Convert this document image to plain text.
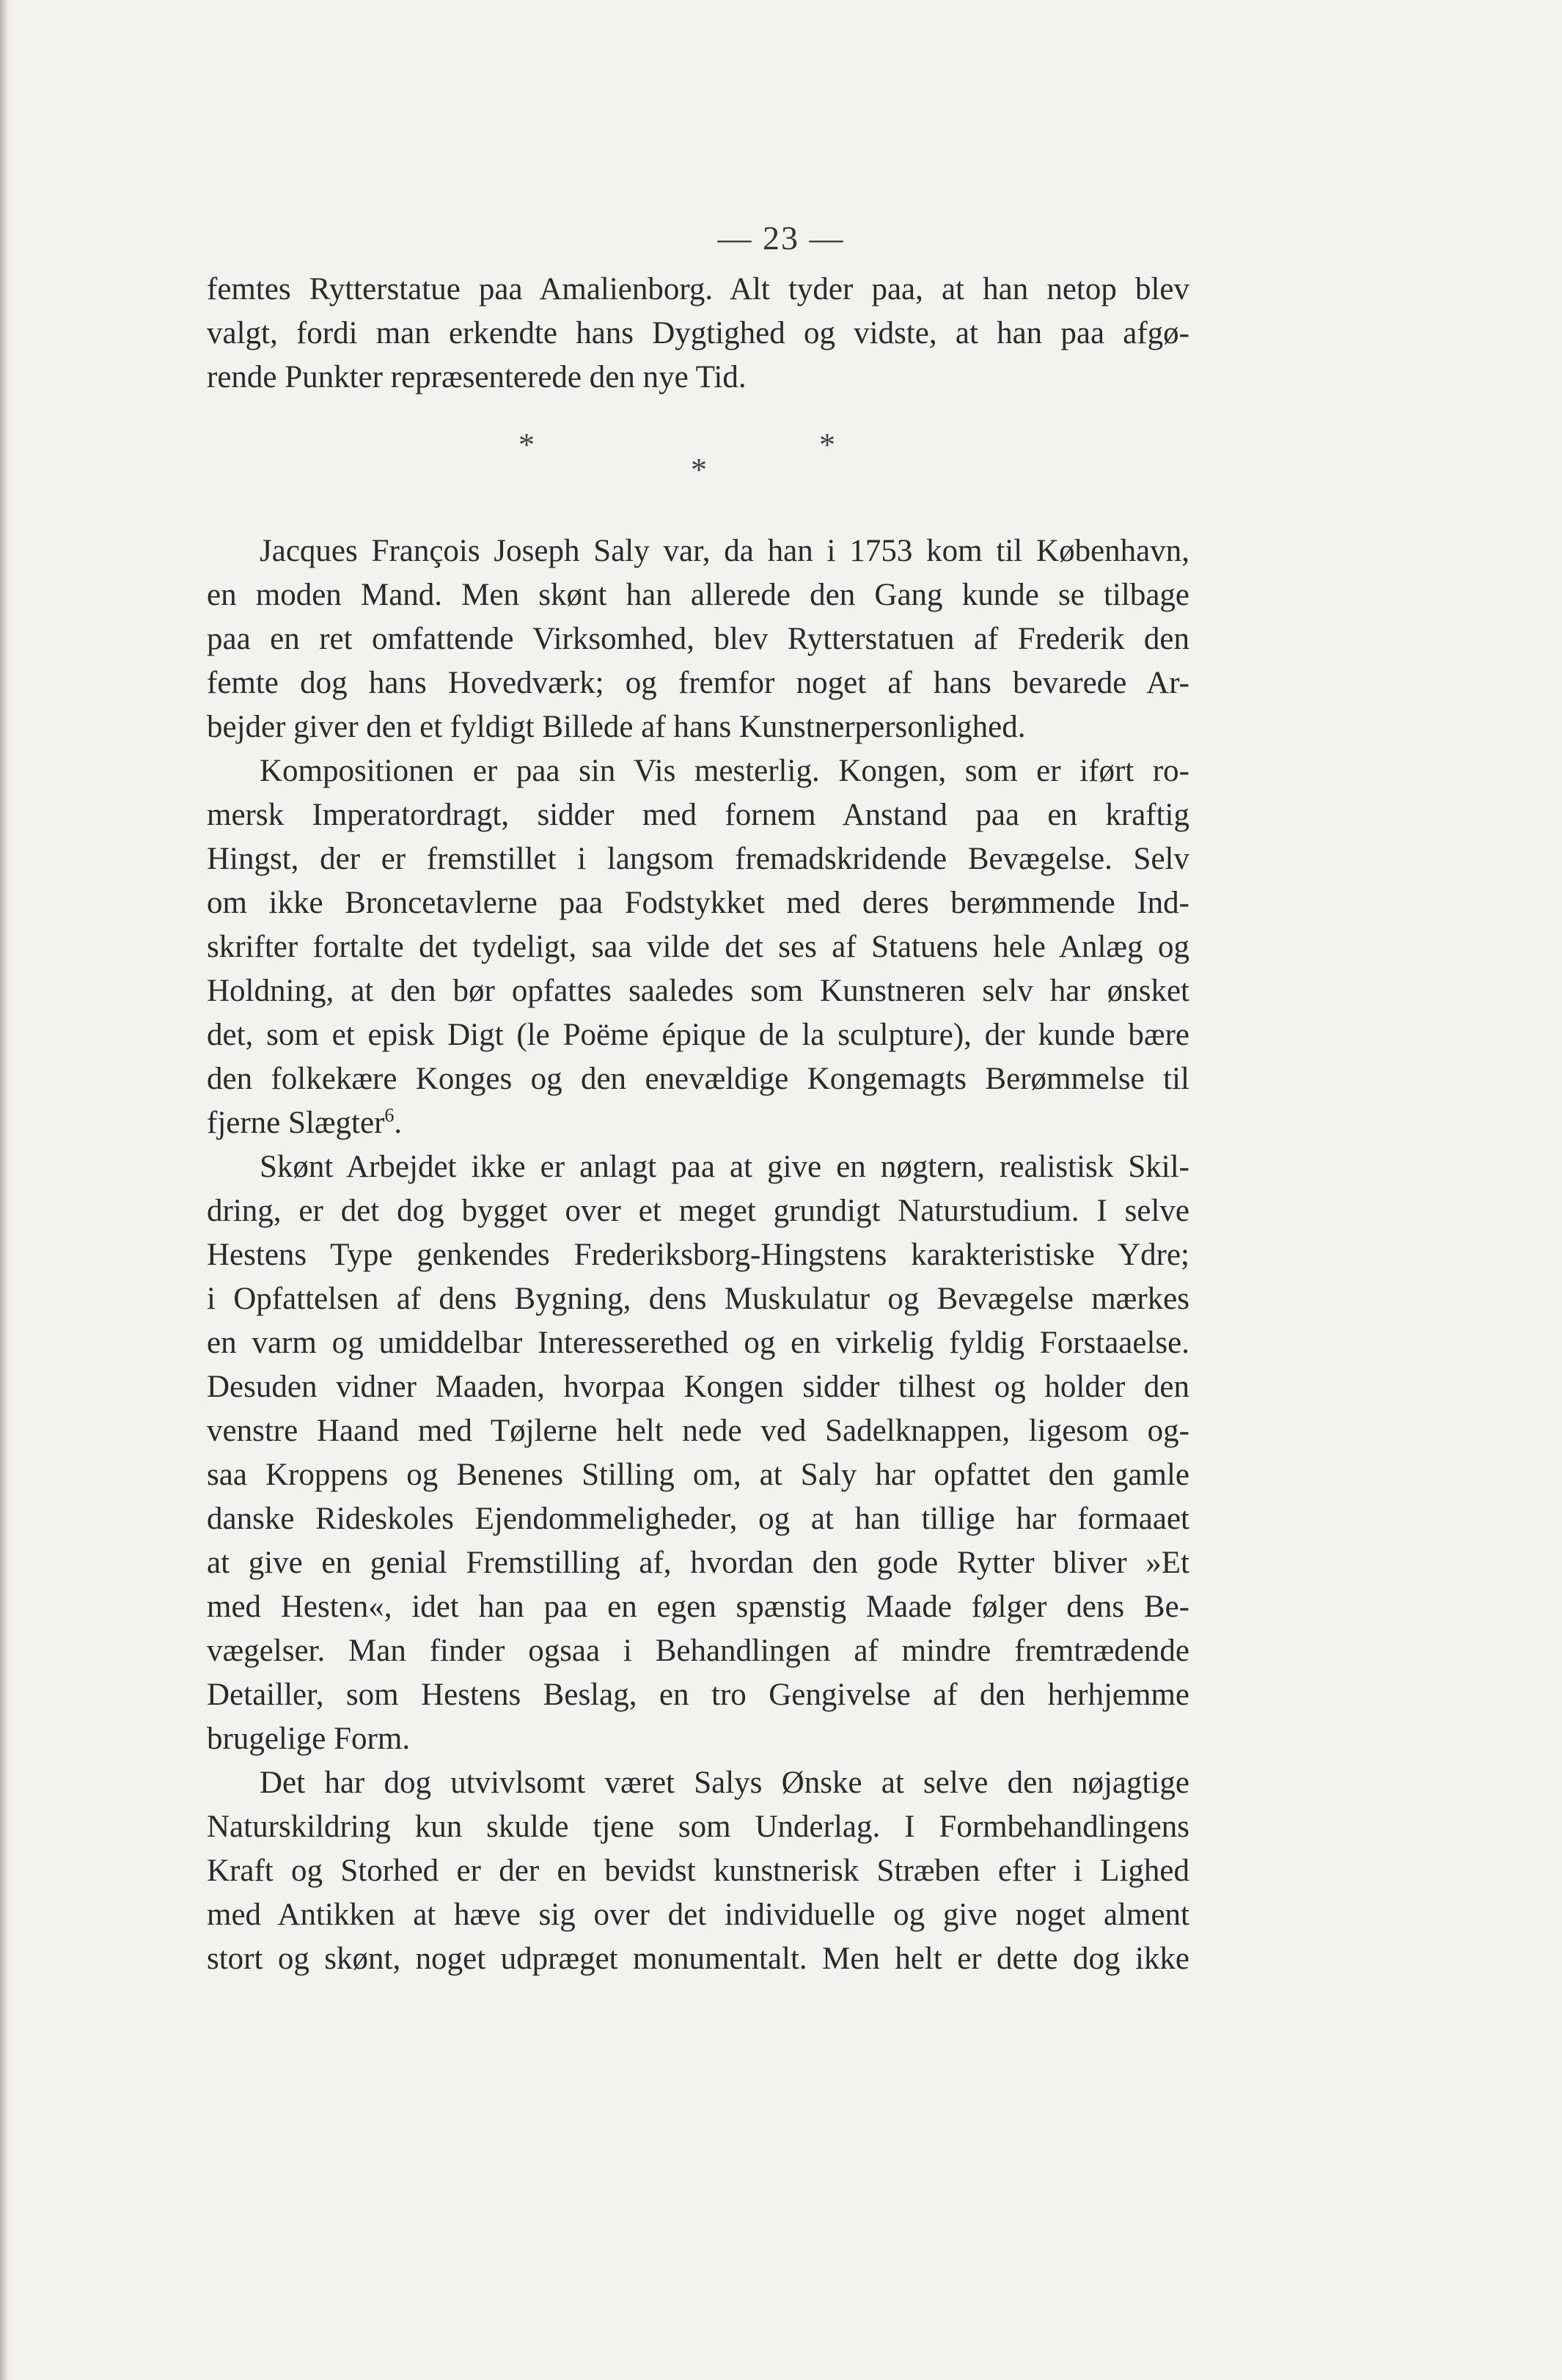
— 23 —
femtes Rytterstatue paa Amalienborg. Alt tyder paa, at han netop blev
valgt, fordi man erkendte hans Dygtighed og vidste, at han paa afgø-
rende Punkter repræsenterede den nye Tid.
*
*
*
Jacques François Joseph Saly var, da han i 1753 kom til København,
en moden Mand. Men skønt han allerede den Gang kunde se tilbage
paa en ret omfattende Virksomhed, blev Rytterstatuen af Frederik den
femte dog hans Hovedværk; og fremfor noget af hans bevarede Ar-
bejder giver den et fyldigt Billede af hans Kunstnerpersonlighed.
Kompositionen er paa sin Vis mesterlig. Kongen, som er iført ro-
mersk Imperatordragt, sidder med fornem Anstand paa en kraftig
Hingst, der er fremstillet i langsom fremadskridende Bevægelse. Selv
om ikke Broncetavlerne paa Fodstykket med deres berømmende Ind-
skrifter fortalte det tydeligt, saa vilde det ses af Statuens hele Anlæg og
Holdning, at den bør opfattes saaledes som Kunstneren selv har ønsket
det, som et episk Digt (le Poëme épique de la sculpture), der kunde bære
den folkekære Konges og den enevældige Kongemagts Berømmelse til
fjerne Slægter$^6$.
Skønt Arbejdet ikke er anlagt paa at give en nøgtern, realistisk Skil-
dring, er det dog bygget over et meget grundigt Naturstudium. I selve
Hestens Type genkendes Frederiksborg-Hingstens karakteristiske Ydre;
i Opfattelsen af dens Bygning, dens Muskulatur og Bevægelse mærkes
en varm og umiddelbar Interesserethed og en virkelig fyldig Forstaaelse.
Desuden vidner Maaden, hvorpaa Kongen sidder tilhest og holder den
venstre Haand med Tøjlerne helt nede ved Sadelknappen, ligesom og-
saa Kroppens og Benenes Stilling om, at Saly har opfattet den gamle
danske Rideskoles Ejendommeligheder, og at han tillige har formaaet
at give en genial Fremstilling af, hvordan den gode Rytter bliver »Et
med Hesten«, idet han paa en egen spænstig Maade følger dens Be-
vægelser. Man finder ogsaa i Behandlingen af mindre fremtrædende
Detailler, som Hestens Beslag, en tro Gengivelse af den herhjemme
brugelige Form.
Det har dog utvivlsomt været Salys Ønske at selve den nøjagtige
Naturskildring kun skulde tjene som Underlag. I Formbehandlingens
Kraft og Storhed er der en bevidst kunstnerisk Stræben efter i Lighed
med Antikken at hæve sig over det individuelle og give noget alment
stort og skønt, noget udpræget monumentalt. Men helt er dette dog ikke
